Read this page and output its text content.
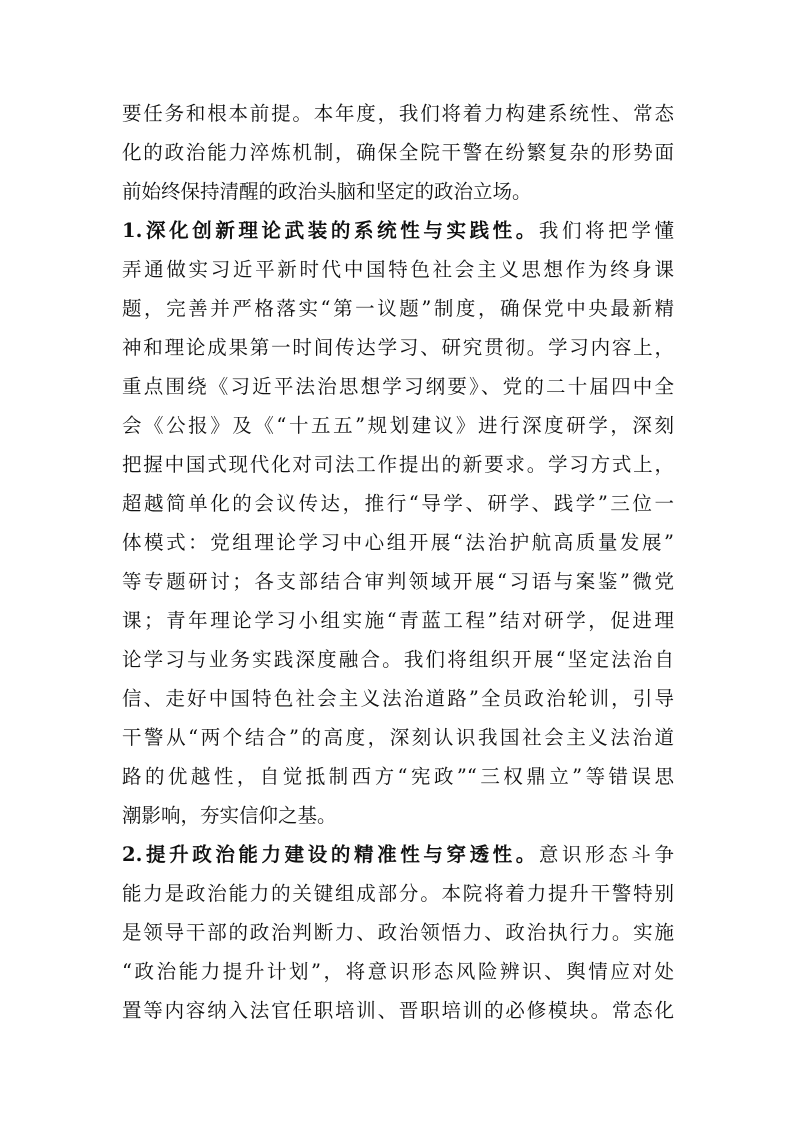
要任务和根本前提。本年度，我们将着力构建系统性、常态
化的政治能力淬炼机制，确保全院干警在纷繁复杂的形势面
前始终保持清醒的政治头脑和坚定的政治立场。
1.深化创新理论武装的系统性与实践性。我们将把学懂
弄通做实习近平新时代中国特色社会主义思想作为终身课
题，完善并严格落实“第一议题”制度，确保党中央最新精
神和理论成果第一时间传达学习、研究贯彻。学习内容上，
重点围绕《习近平法治思想学习纲要》、党的二十届四中全
会《公报》及《“十五五”规划建议》进行深度研学，深刻
把握中国式现代化对司法工作提出的新要求。学习方式上，
超越简单化的会议传达，推行“导学、研学、践学”三位一
体模式：党组理论学习中心组开展“法治护航高质量发展”
等专题研讨；各支部结合审判领域开展“习语与案鉴”微党
课；青年理论学习小组实施“青蓝工程”结对研学，促进理
论学习与业务实践深度融合。我们将组织开展“坚定法治自
信、走好中国特色社会主义法治道路”全员政治轮训，引导
干警从“两个结合”的高度，深刻认识我国社会主义法治道
路的优越性，自觉抵制西方“宪政”“三权鼎立”等错误思
潮影响，夯实信仰之基。
2.提升政治能力建设的精准性与穿透性。意识形态斗争
能力是政治能力的关键组成部分。本院将着力提升干警特别
是领导干部的政治判断力、政治领悟力、政治执行力。实施
“政治能力提升计划”，将意识形态风险辨识、舆情应对处
置等内容纳入法官任职培训、晋职培训的必修模块。常态化
